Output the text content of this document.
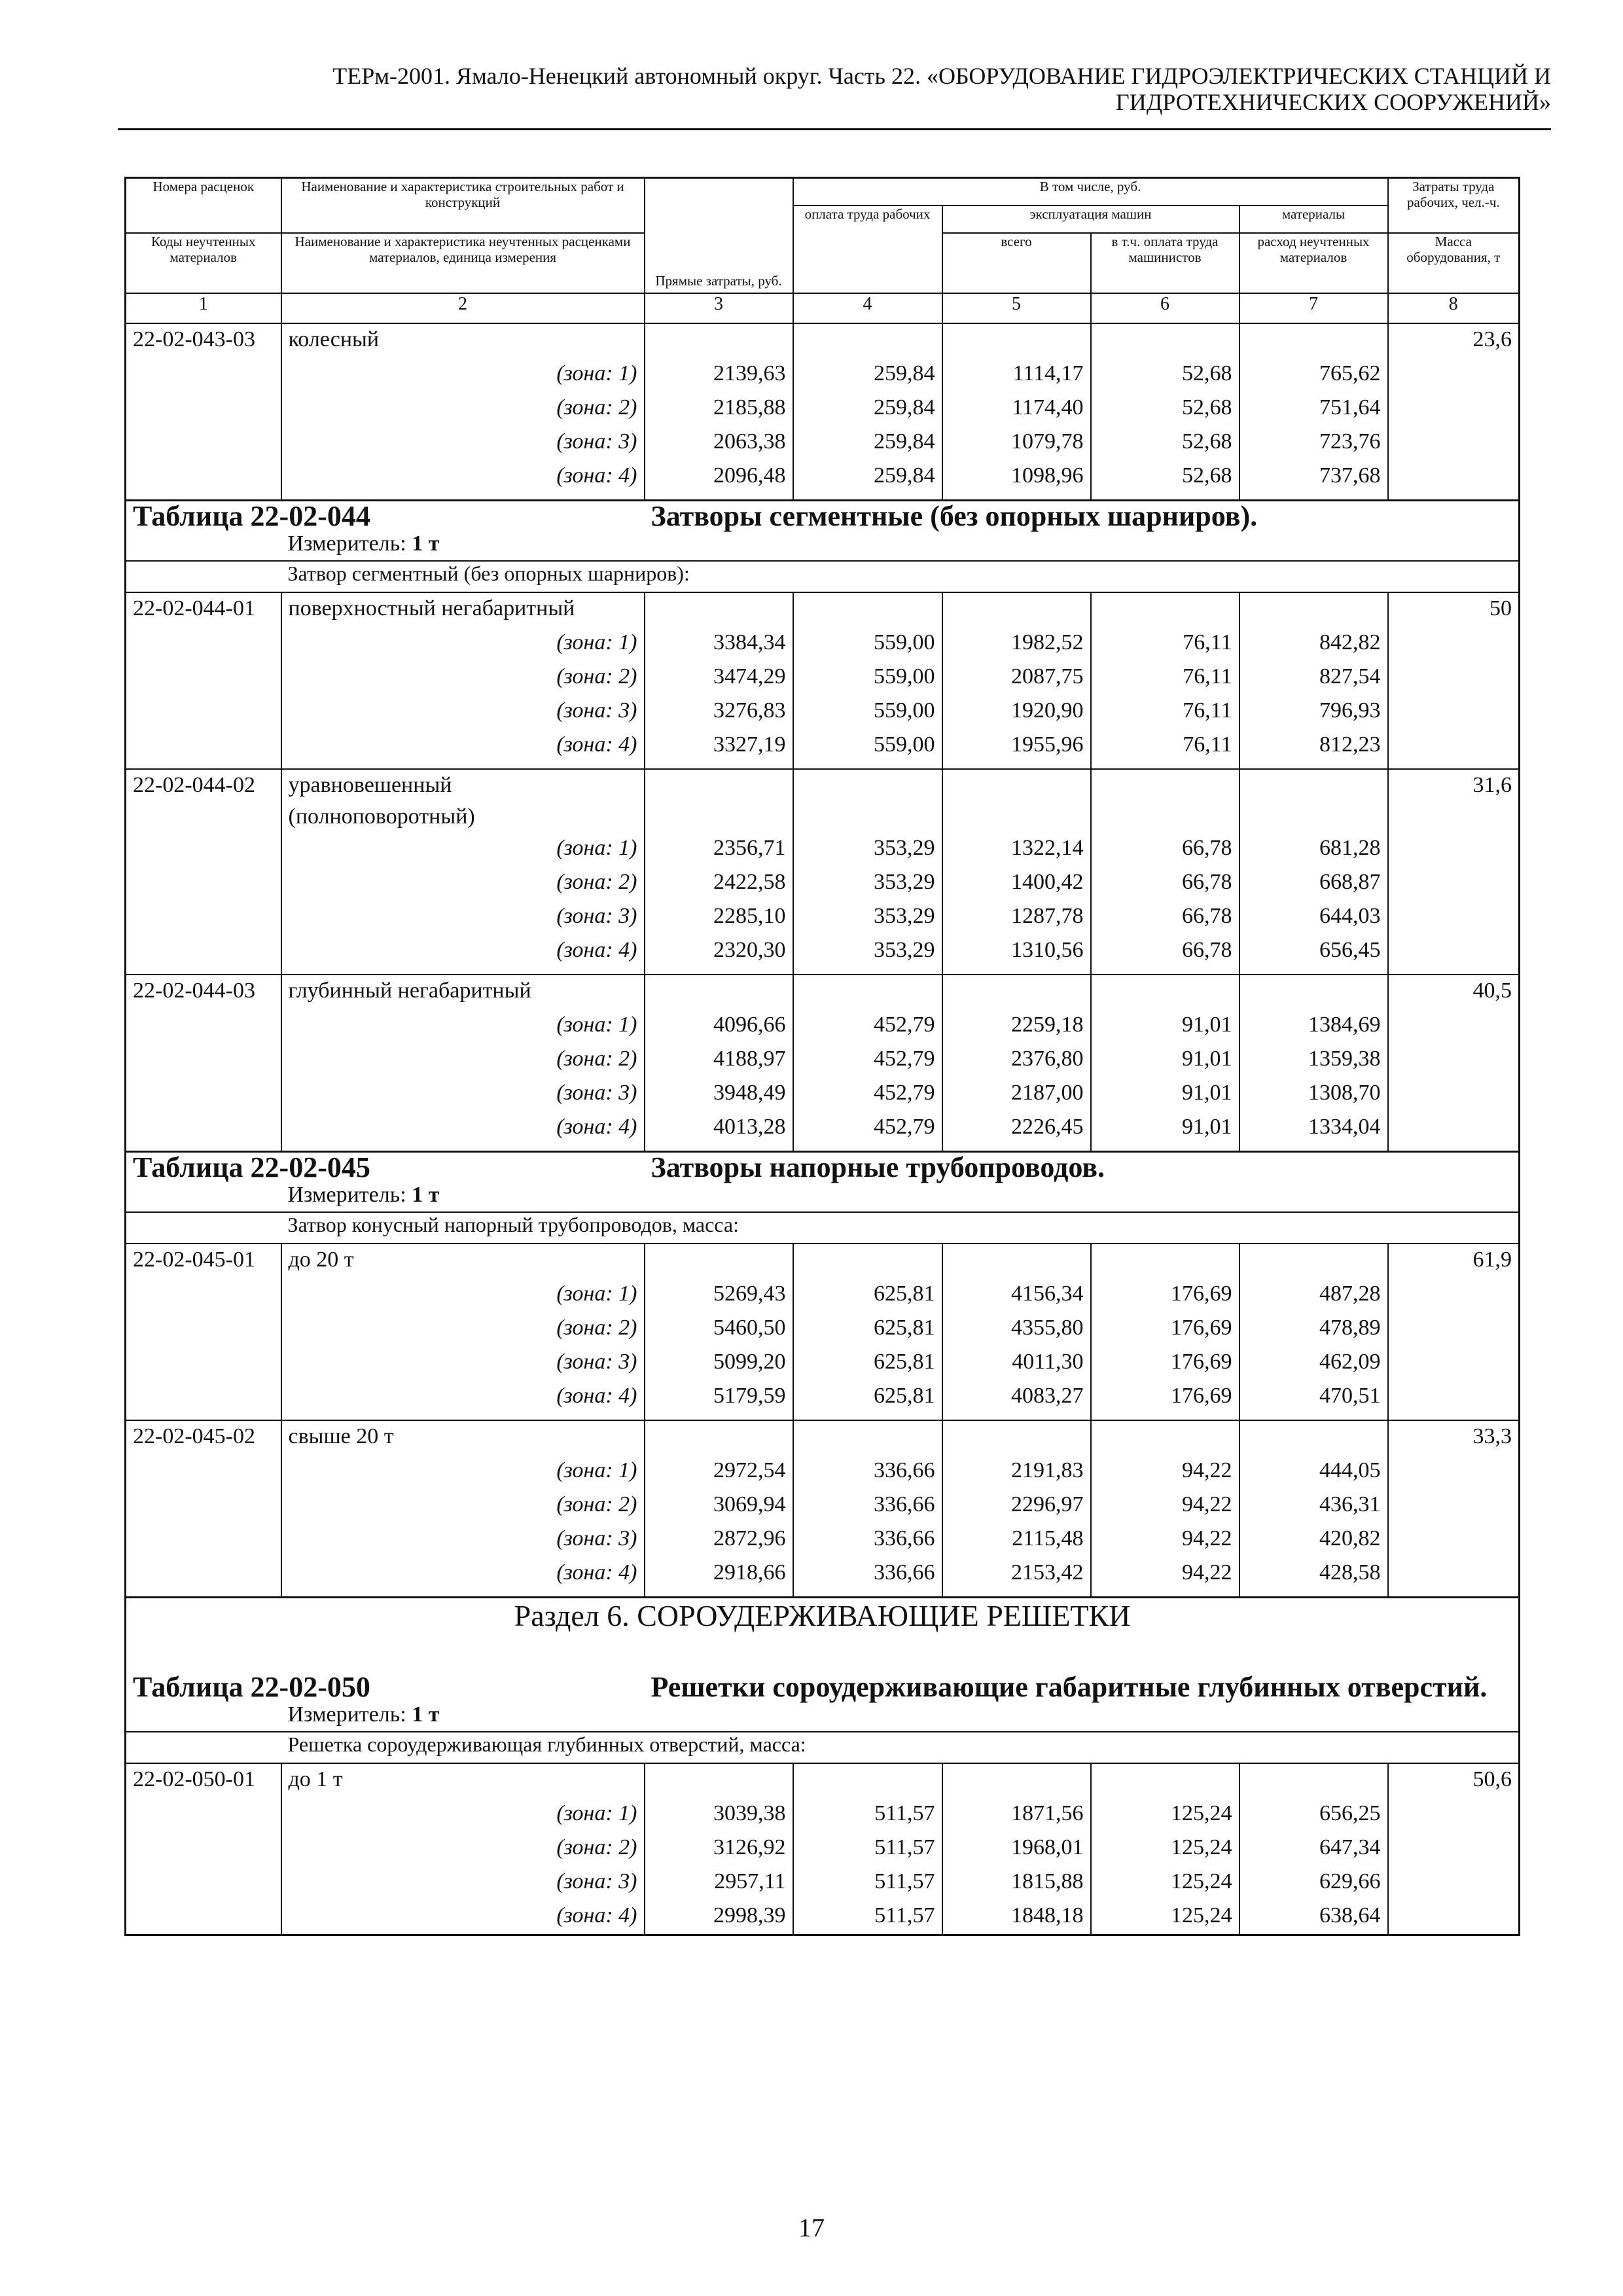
ТЕРм-2001. Ямало-Ненецкий автономный округ. Часть 22. «ОБОРУДОВАНИЕ ГИДРОЭЛЕКТРИЧЕСКИХ СТАНЦИЙ И
ГИДРОТЕХНИЧЕСКИХ СООРУЖЕНИЙ»
Номера расценок	Наименование и характеристика строительных работ и конструкций	Прямые затраты, руб.	В том числе, руб.				Затраты труда рабочих, чел.-ч.
			оплата труда рабочих	эксплуатация машин		материалы	
Коды неучтенных материалов	Наименование и характеристика неучтенных расценками материалов, единица измерения			всего	в т.ч. оплата труда машинистов	расход неучтенных материалов	Масса оборудования, т
1	2	3	4	5	6	7	8
22-02-043-03	колесный						23,6
	(зона: 1)	2139,63	259,84	1114,17	52,68	765,62	
	(зона: 2)	2185,88	259,84	1174,40	52,68	751,64	
	(зона: 3)	2063,38	259,84	1079,78	52,68	723,76	
	(зона: 4)	2096,48	259,84	1098,96	52,68	737,68	

Таблица 22-02-044		Затворы сегментные (без опорных шарниров).					
	Измеритель: 1 т						
	Затвор сегментный (без опорных шарниров):						
22-02-044-01	поверхностный негабаритный						50
	(зона: 1)	3384,34	559,00	1982,52	76,11	842,82	
	(зона: 2)	3474,29	559,00	2087,75	76,11	827,54	
	(зона: 3)	3276,83	559,00	1920,90	76,11	796,93	
	(зона: 4)	3327,19	559,00	1955,96	76,11	812,23	

22-02-044-02	уравновешенный (полноповоротный)						31,6
	(зона: 1)	2356,71	353,29	1322,14	66,78	681,28	
	(зона: 2)	2422,58	353,29	1400,42	66,78	668,87	
	(зона: 3)	2285,10	353,29	1287,78	66,78	644,03	
	(зона: 4)	2320,30	353,29	1310,56	66,78	656,45	

22-02-044-03	глубинный негабаритный						40,5
	(зона: 1)	4096,66	452,79	2259,18	91,01	1384,69	
	(зона: 2)	4188,97	452,79	2376,80	91,01	1359,38	
	(зона: 3)	3948,49	452,79	2187,00	91,01	1308,70	
	(зона: 4)	4013,28	452,79	2226,45	91,01	1334,04	

Таблица 22-02-045		Затворы напорные трубопроводов.					
	Измеритель: 1 т						
	Затвор конусный напорный трубопроводов, масса:						
22-02-045-01	до 20 т						61,9
	(зона: 1)	5269,43	625,81	4156,34	176,69	487,28	
	(зона: 2)	5460,50	625,81	4355,80	176,69	478,89	
	(зона: 3)	5099,20	625,81	4011,30	176,69	462,09	
	(зона: 4)	5179,59	625,81	4083,27	176,69	470,51	

22-02-045-02	свыше 20 т						33,3
	(зона: 1)	2972,54	336,66	2191,83	94,22	444,05	
	(зона: 2)	3069,94	336,66	2296,97	94,22	436,31	
	(зона: 3)	2872,96	336,66	2115,48	94,22	420,82	
	(зона: 4)	2918,66	336,66	2153,42	94,22	428,58	

Раздел 6. СОРОУДЕРЖИВАЮЩИЕ РЕШЕТКИ							
Таблица 22-02-050		Решетки сороудерживающие габаритные глубинных отверстий.					
	Измеритель: 1 т						
	Решетка сороудерживающая глубинных отверстий, масса:						
22-02-050-01	до 1 т						50,6
	(зона: 1)	3039,38	511,57	1871,56	125,24	656,25	
	(зона: 2)	3126,92	511,57	1968,01	125,24	647,34	
	(зона: 3)	2957,11	511,57	1815,88	125,24	629,66	
	(зона: 4)	2998,39	511,57	1848,18	125,24	638,64	
17
